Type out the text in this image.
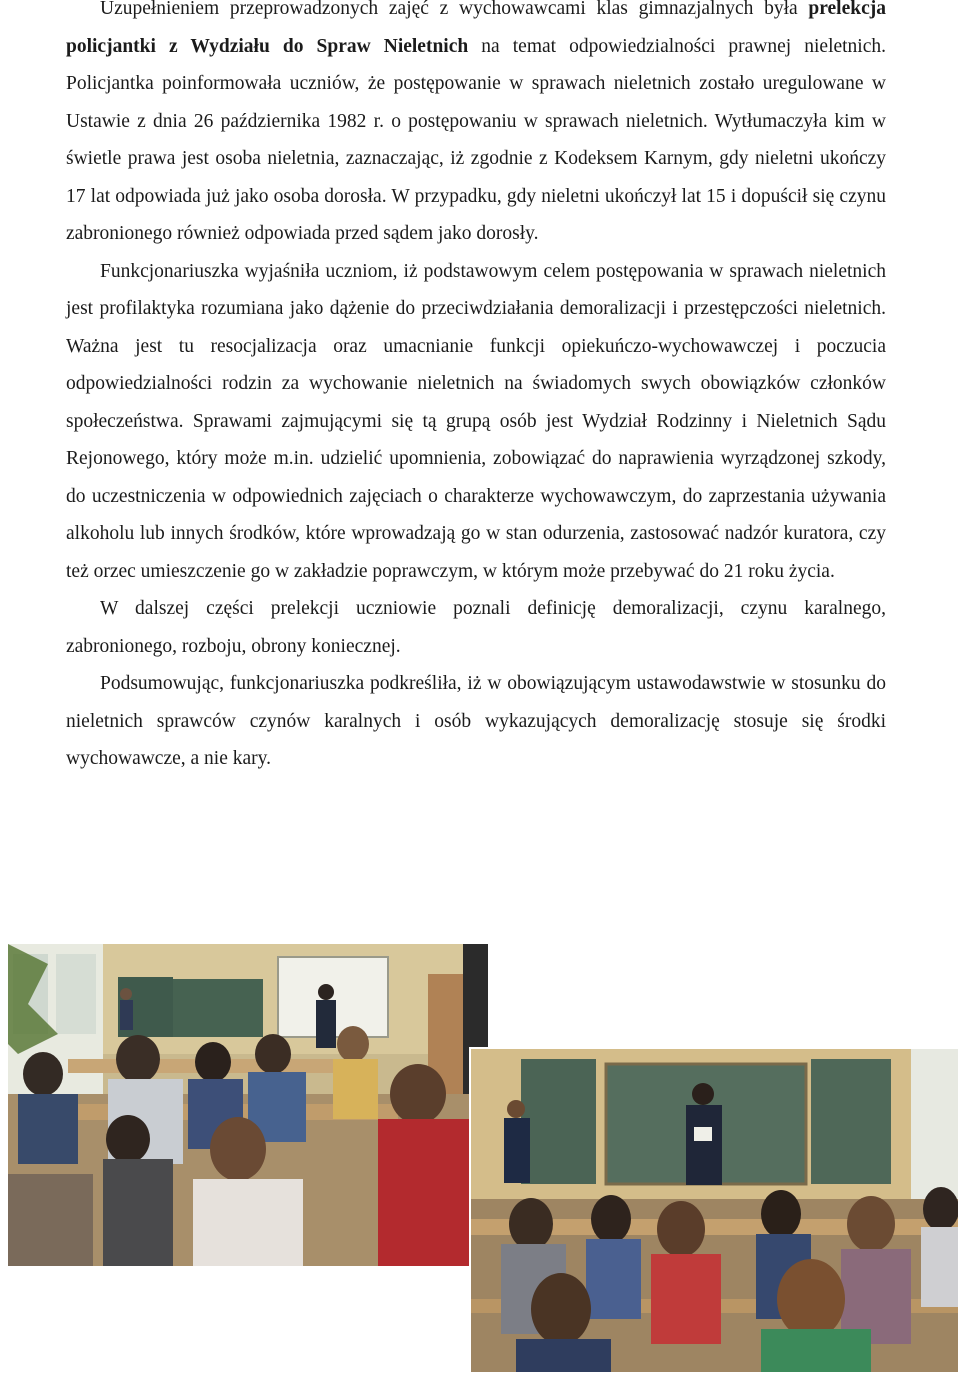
Uzupełnieniem przeprowadzonych zajęć z wychowawcami klas gimnazjalnych była prelekcja policjantki z Wydziału do Spraw Nieletnich na temat odpowiedzialności prawnej nieletnich. Policjantka poinformowała uczniów, że postępowanie w sprawach nieletnich zostało uregulowane w Ustawie z dnia 26 października 1982 r. o postępowaniu w sprawach nieletnich. Wytłumaczyła kim w świetle prawa jest osoba nieletnia, zaznaczając, iż zgodnie z Kodeksem Karnym, gdy nieletni ukończy 17 lat odpowiada już jako osoba dorosła. W przypadku, gdy nieletni ukończył lat 15 i dopuścił się czynu zabronionego również odpowiada przed sądem jako dorosły.

Funkcjonariuszka wyjaśniła uczniom, iż podstawowym celem postępowania w sprawach nieletnich jest profilaktyka rozumiana jako dążenie do przeciwdziałania demoralizacji i przestępczości nieletnich. Ważna jest tu resocjalizacja oraz umacnianie funkcji opiekuńczo-wychowawczej i poczucia odpowiedzialności rodzin za wychowanie nieletnich na świadomych swych obowiązków członków społeczeństwa. Sprawami zajmującymi się tą grupą osób jest Wydział Rodzinny i Nieletnich Sądu Rejonowego, który może m.in. udzielić upomnienia, zobowiązać do naprawienia wyrządzonej szkody, do uczestniczenia w odpowiednich zajęciach o charakterze wychowawczym, do zaprzestania używania alkoholu lub innych środków, które wprowadzają go w stan odurzenia, zastosować nadzór kuratora, czy też orzec umieszczenie go w zakładzie poprawczym, w którym może przebywać do 21 roku życia.

W dalszej części prelekcji uczniowie poznali definicję demoralizacji, czynu karalnego, zabronionego, rozboju, obrony koniecznej.

Podsumowując, funkcjonariuszka podkreśliła, iż w obowiązującym ustawodawstwie w stosunku do nieletnich sprawców czynów karalnych i osób wykazujących demoralizację stosuje się środki wychowawcze, a nie kary.
